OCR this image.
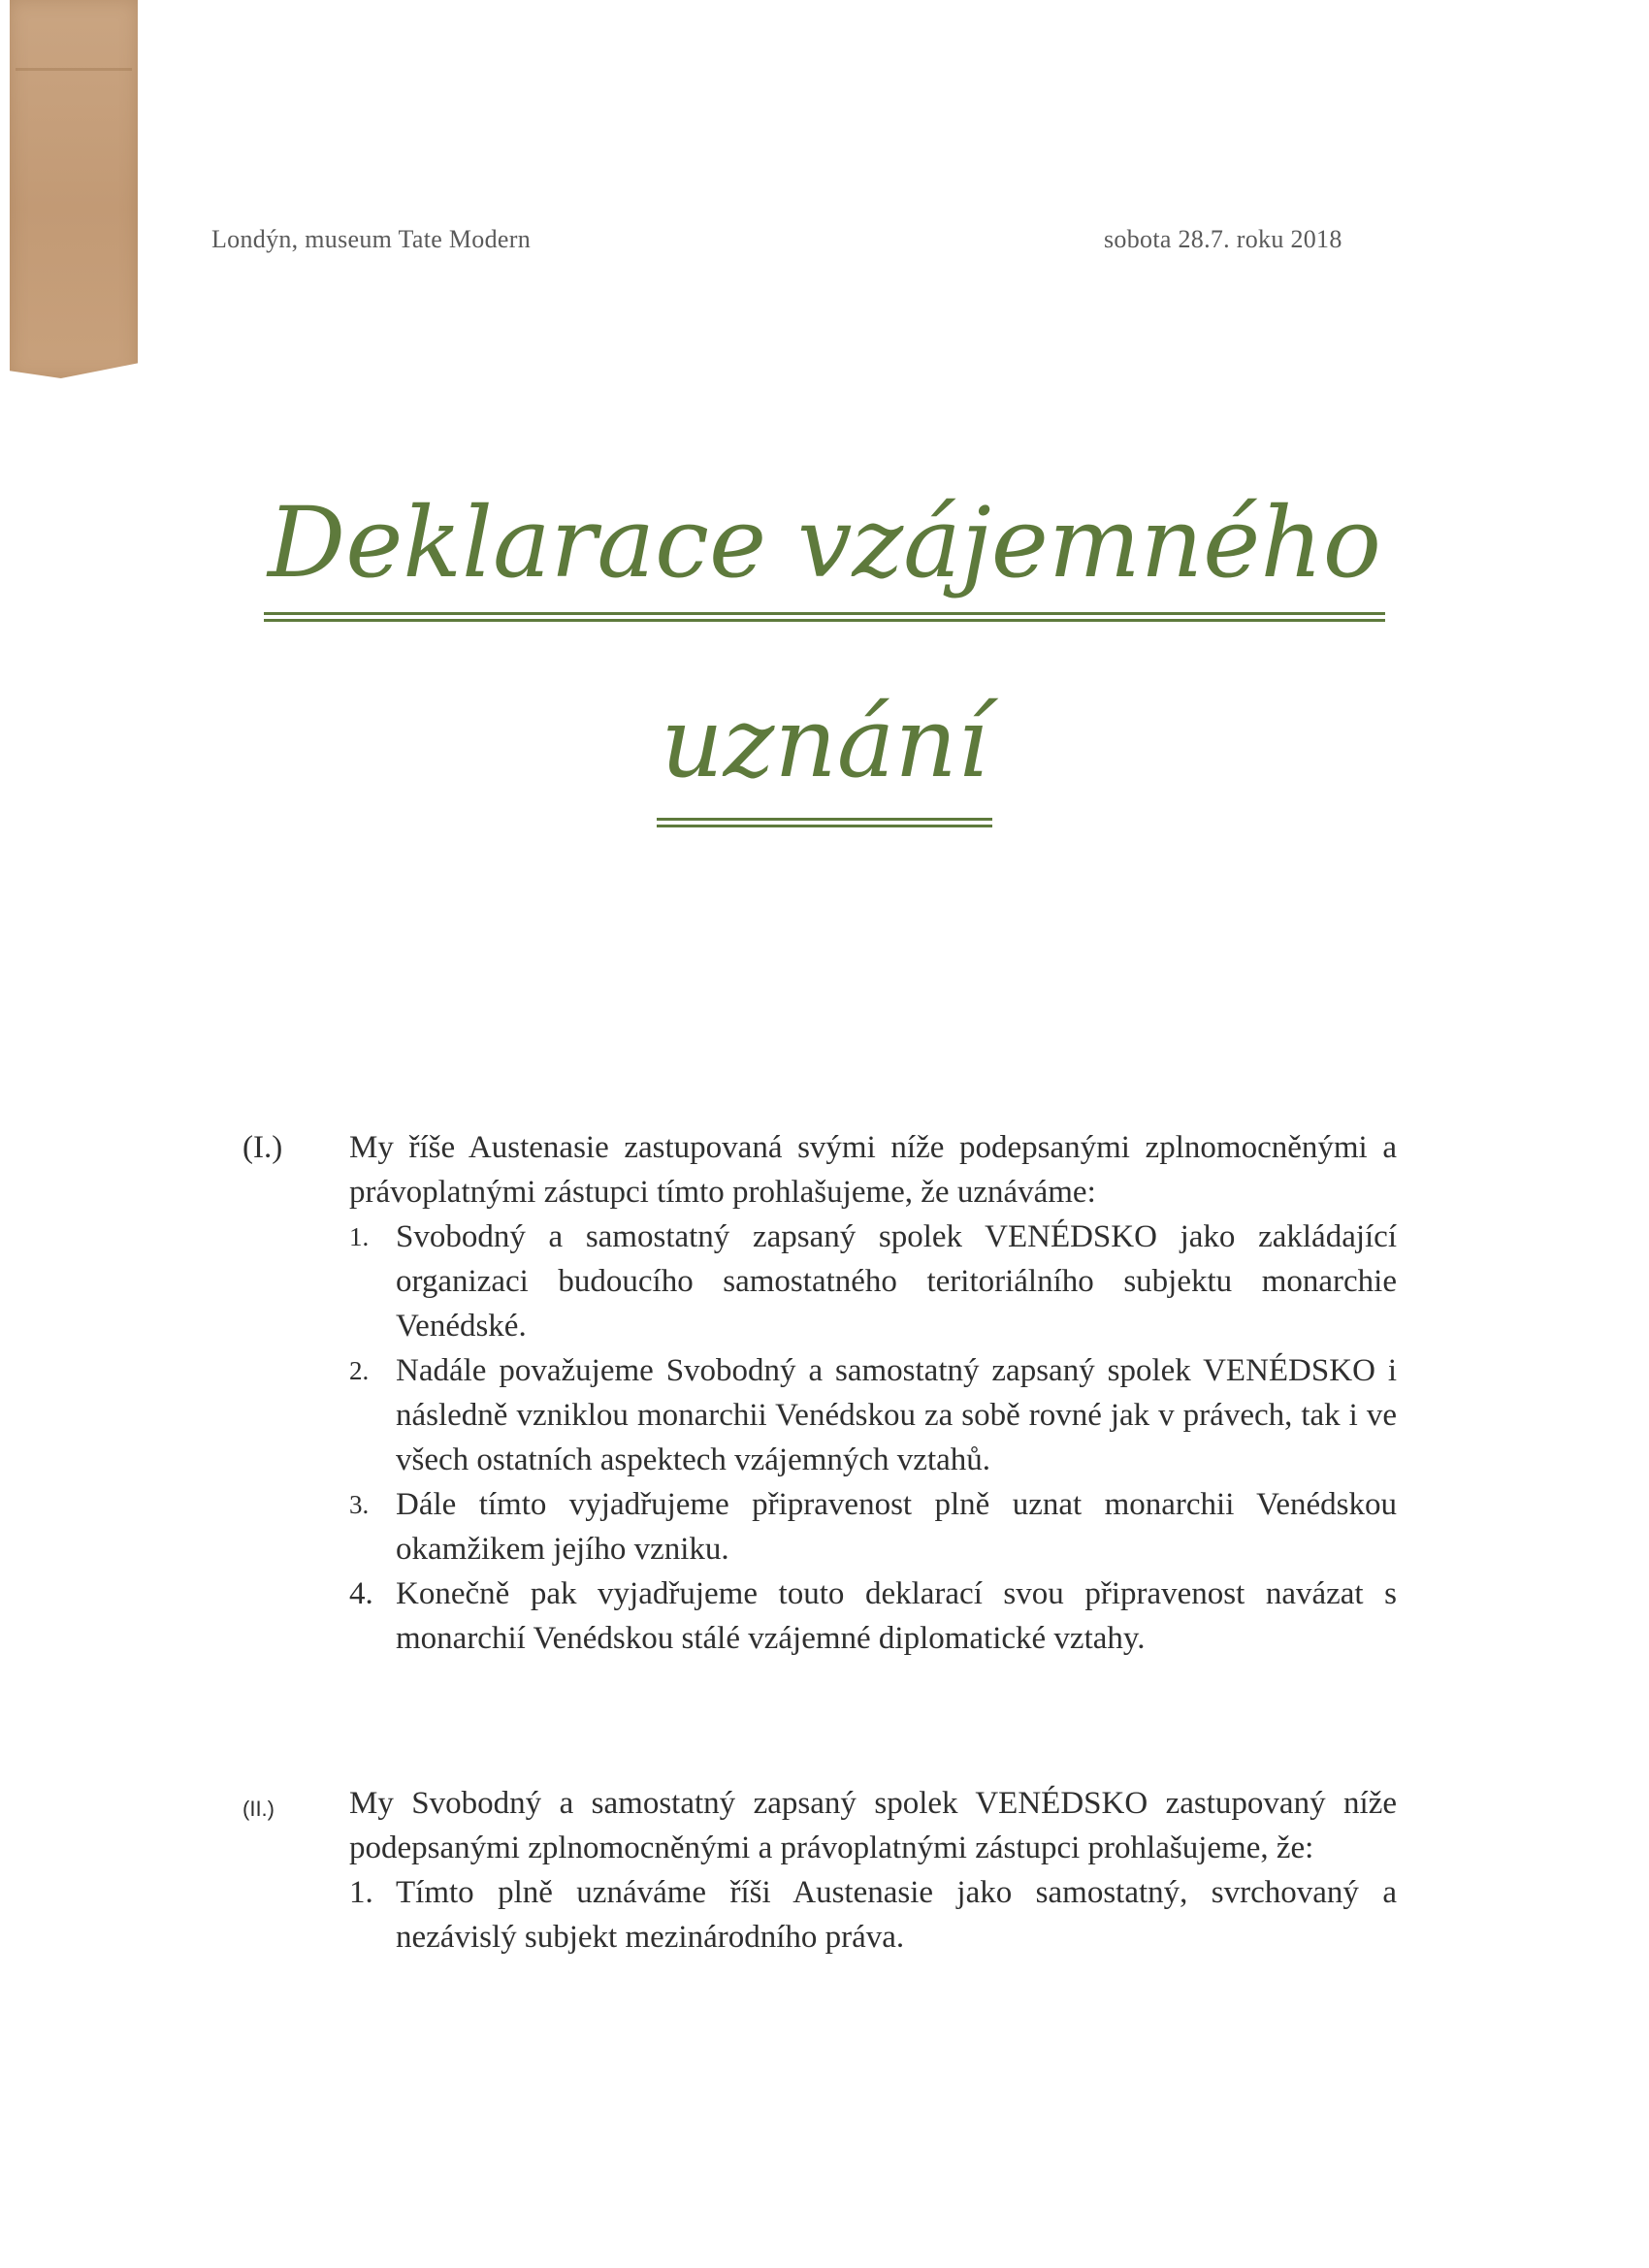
Londýn, museum Tate Modern	sobota 28.7. roku 2018
Deklarace vzájemného
uznání
(I.)	My říše Austenasie zastupovaná svými níže podepsanými zplnomocněnými a právoplatnými zástupci tímto prohlašujeme, že uznáváme:
1. Svobodný a samostatný zapsaný spolek VENÉDSKO jako zakládající organizaci budoucího samostatného teritoriálního subjektu monarchie Venédské.
2. Nadále považujeme Svobodný a samostatný zapsaný spolek VENÉDSKO i následně vzniklou monarchii Venédskou za sobě rovné jak v právech, tak i ve všech ostatních aspektech vzájemných vztahů.
3. Dále tímto vyjadřujeme připravenost plně uznat monarchii Venédskou okamžikem jejího vzniku.
4. Konečně pak vyjadřujeme touto deklarací svou připravenost navázat s monarchií Venédskou stálé vzájemné diplomatické vztahy.
(II.)	My Svobodný a samostatný zapsaný spolek VENÉDSKO zastupovaný níže podepsanými zplnomocněnými a právoplatnými zástupci prohlašujeme, že:
1. Tímto plně uznáváme říši Austenasie jako samostatný, svrchovaný a nezávislý subjekt mezinárodního práva.
